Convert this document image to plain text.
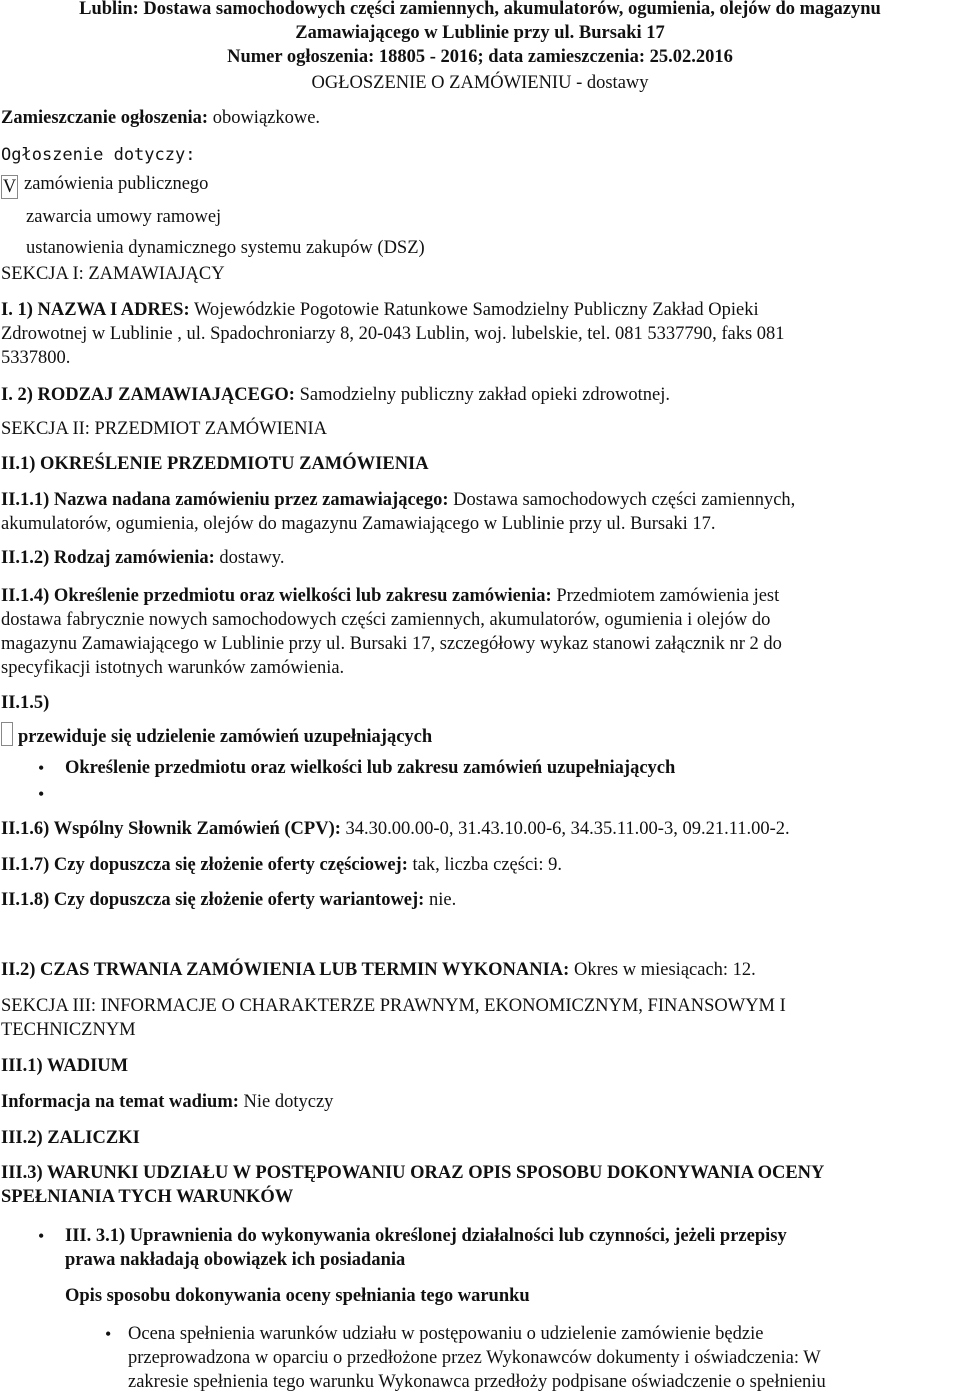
Lublin: Dostawa samochodowych części zamiennych, akumulatorów, ogumienia, olejów do magazynu
Zamawiającego w Lublinie przy ul. Bursaki 17
Numer ogłoszenia: 18805 - 2016; data zamieszczenia: 25.02.2016
OGŁOSZENIE O ZAMÓWIENIU - dostawy
Zamieszczanie ogłoszenia: obowiązkowe.
Ogłoszenie dotyczy:
V zamówienia publicznego
zawarcia umowy ramowej
ustanowienia dynamicznego systemu zakupów (DSZ)
SEKCJA I: ZAMAWIAJĄCY
I. 1) NAZWA I ADRES: Wojewódzkie Pogotowie Ratunkowe Samodzielny Publiczny Zakład Opieki
Zdrowotnej w Lublinie , ul. Spadochroniarzy 8, 20-043 Lublin, woj. lubelskie, tel. 081 5337790, faks 081
5337800.
I. 2) RODZAJ ZAMAWIAJĄCEGO: Samodzielny publiczny zakład opieki zdrowotnej.
SEKCJA II: PRZEDMIOT ZAMÓWIENIA
II.1) OKREŚLENIE PRZEDMIOTU ZAMÓWIENIA
II.1.1) Nazwa nadana zamówieniu przez zamawiającego: Dostawa samochodowych części zamiennych,
akumulatorów, ogumienia, olejów do magazynu Zamawiającego w Lublinie przy ul. Bursaki 17.
II.1.2) Rodzaj zamówienia: dostawy.
II.1.4) Określenie przedmiotu oraz wielkości lub zakresu zamówienia: Przedmiotem zamówienia jest
dostawa fabrycznie nowych samochodowych części zamiennych, akumulatorów, ogumienia i olejów do
magazynu Zamawiającego w Lublinie przy ul. Bursaki 17, szczegółowy wykaz stanowi załącznik nr 2 do
specyfikacji istotnych warunków zamówienia.
II.1.5)
przewiduje się udzielenie zamówień uzupełniających
• Określenie przedmiotu oraz wielkości lub zakresu zamówień uzupełniających
•
II.1.6) Wspólny Słownik Zamówień (CPV): 34.30.00.00-0, 31.43.10.00-6, 34.35.11.00-3, 09.21.11.00-2.
II.1.7) Czy dopuszcza się złożenie oferty częściowej: tak, liczba części: 9.
II.1.8) Czy dopuszcza się złożenie oferty wariantowej: nie.
II.2) CZAS TRWANIA ZAMÓWIENIA LUB TERMIN WYKONANIA: Okres w miesiącach: 12.
SEKCJA III: INFORMACJE O CHARAKTERZE PRAWNYM, EKONOMICZNYM, FINANSOWYM I
TECHNICZNYM
III.1) WADIUM
Informacja na temat wadium: Nie dotyczy
III.2) ZALICZKI
III.3) WARUNKI UDZIAŁU W POSTĘPOWANIU ORAZ OPIS SPOSOBU DOKONYWANIA OCENY
SPEŁNIANIA TYCH WARUNKÓW
• III. 3.1) Uprawnienia do wykonywania określonej działalności lub czynności, jeżeli przepisy
prawa nakładają obowiązek ich posiadania
Opis sposobu dokonywania oceny spełniania tego warunku
• Ocena spełnienia warunków udziału w postępowaniu o udzielenie zamówienie będzie
przeprowadzona w oparciu o przedłożone przez Wykonawców dokumenty i oświadczenia: W
zakresie spełnienia tego warunku Wykonawca przedłoży podpisane oświadczenie o spełnieniu
